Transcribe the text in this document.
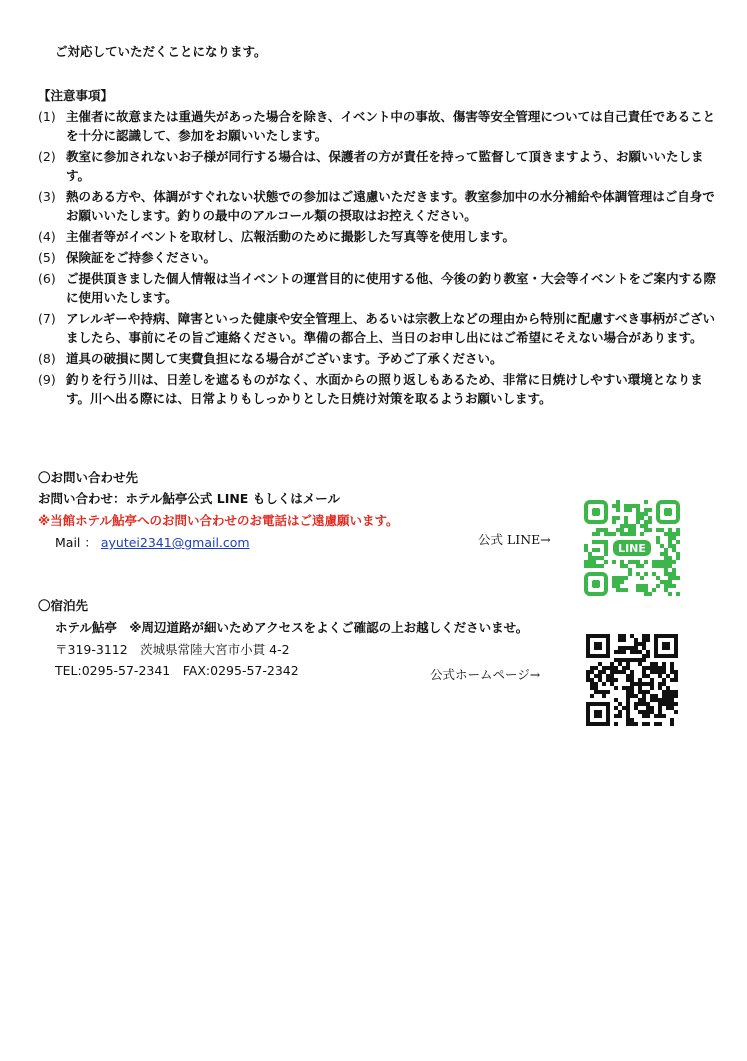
ご対応していただくことになります。
【注意事項】
(1) 主催者に故意または重過失があった場合を除き、イベント中の事故、傷害等安全管理については自己責任であることを十分に認識して、参加をお願いいたします。
(2) 教室に参加されないお子様が同行する場合は、保護者の方が責任を持って監督して頂きますよう、お願いいたします。
(3) 熱のある方や、体調がすぐれない状態での参加はご遠慮いただきます。教室参加中の水分補給や体調管理はご自身でお願いいたします。釣りの最中のアルコール類の摂取はお控えください。
(4) 主催者等がイベントを取材し、広報活動のために撮影した写真等を使用します。
(5) 保険証をご持参ください。
(6) ご提供頂きました個人情報は当イベントの運営目的に使用する他、今後の釣り教室・大会等イベントをご案内する際に使用いたします。
(7) アレルギーや持病、障害といった健康や安全管理上、あるいは宗教上などの理由から特別に配慮すべき事柄がございましたら、事前にその旨ご連絡ください。準備の都合上、当日のお申し出にはご希望にそえない場合があります。
(8) 道具の破損に関して実費負担になる場合がございます。予めご了承ください。
(9) 釣りを行う川は、日差しを遮るものがなく、水面からの照り返しもあるため、非常に日焼けしやすい環境となります。川へ出る際には、日常よりもしっかりとした日焼け対策を取るようお願いします。
〇お問い合わせ先
お問い合わせ：ホテル鮎亭公式 LINE もしくはメール
※当館ホテル鮎亭へのお問い合わせのお電話はご遠慮願います。
Mail ： ayutei2341@gmail.com	公式 LINE→
LINE
〇宿泊先
ホテル鮎亭　※周辺道路が細いためアクセスをよくご確認の上お越しくださいませ。
〒319-3112　茨城県常陸大宮市小貫 4-2
TEL:0295-57-2341　FAX:0295-57-2342	公式ホームページ→
